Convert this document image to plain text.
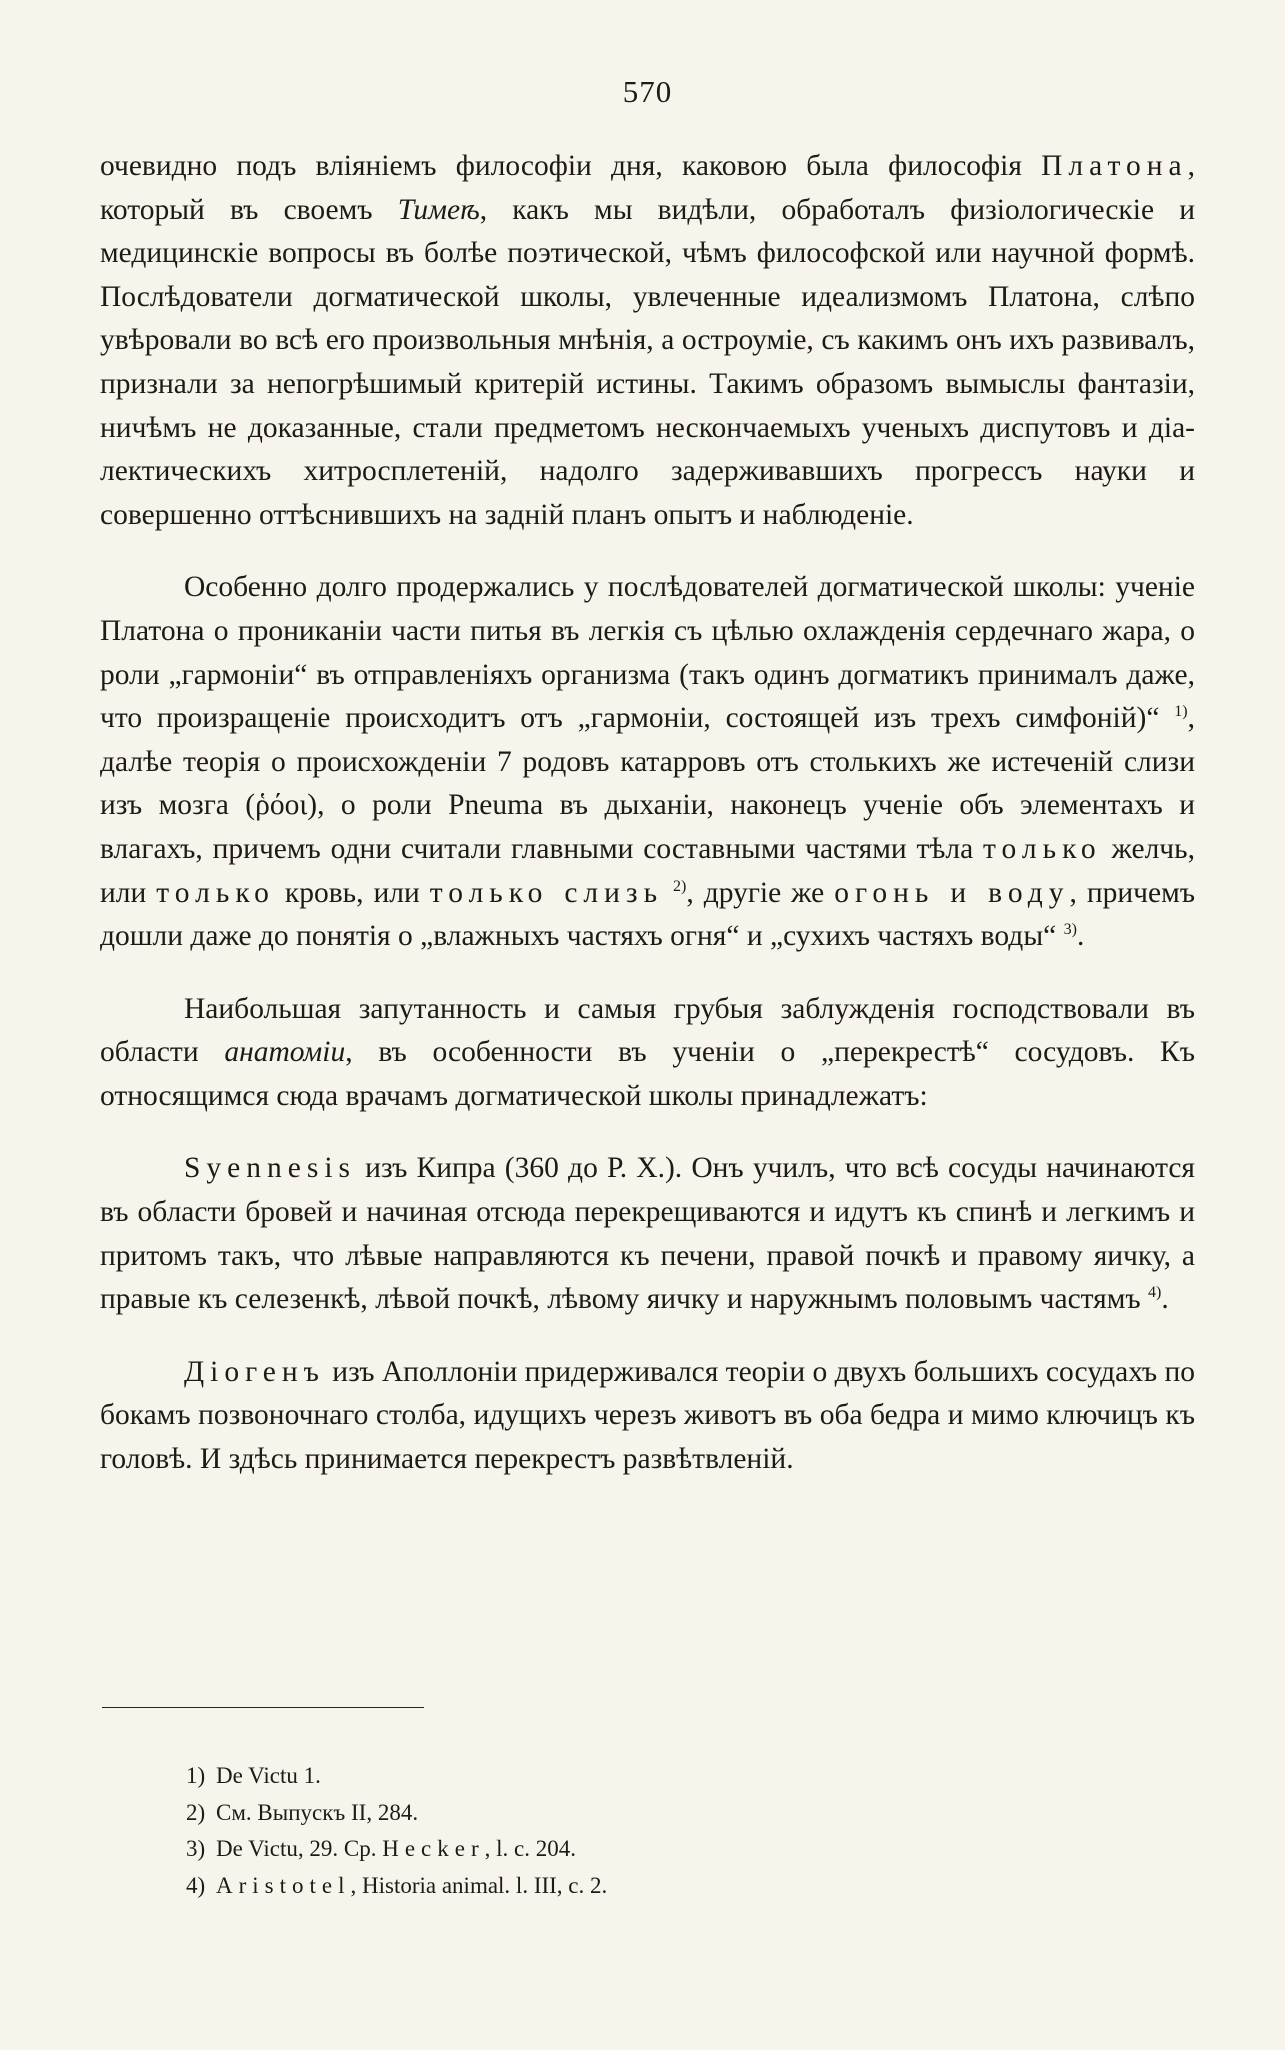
570

очевидно подъ вліяніемъ философіи дня, каковою была философія Платона, который въ своемъ Тимеѣ, какъ мы видѣли, обработалъ физіологическіе и медицинскіе вопросы въ болѣе поэтической, чѣмъ философской или научной формѣ. Послѣдователи догматической школы, увлеченные идеализмомъ Платона, слѣпо увѣровали во всѣ его произвольныя мнѣнія, а остроуміе, съ какимъ онъ ихъ развивалъ, признали за непогрѣшимый критерій истины. Такимъ образомъ вымыслы фантазіи, ничѣмъ не доказанные, стали предметомъ нескончаемыхъ ученыхъ диспутовъ и діалектическихъ хитросплетеній, надолго задерживавшихъ прогрессъ науки и совершенно оттѣснившихъ на задній планъ опытъ и наблюденіе.

Особенно долго продержались у послѣдователей догматической школы: ученіе Платона о проникaніи части питья въ легкія съ цѣлью охлажденія сердечнаго жара, о роли „гармоніи“ въ отправленіяхъ организма (такъ одинъ догматикъ принималъ даже, что произращеніе происходитъ отъ „гармоніи, состоящей изъ трехъ симфоній)“ $^{1)}$, далѣе теорія о происхожденіи 7 родовъ катарровъ отъ столькихъ же истеченій слизи изъ мозга (ῥόοι), о роли Pneuma въ дыханіи, наконецъ ученіе объ элементахъ и влагахъ, причемъ одни считали главными составными частями тѣла только желчь, или только кровь, или только слизь $^{2)}$, другіе же огонь и воду, причемъ дошли даже до понятія о „влажныхъ частяхъ огня“ и „сухихъ частяхъ воды“ $^{3)}$.

Наибольшая запутанность и самыя грубыя заблужденія господствовали въ области анатоміи, въ особенности въ ученіи о „перекрестѣ“ сосудовъ. Къ относящимся сюда врачамъ догматической школы принадлежатъ:

Syennesis изъ Кипра (360 до Р. Х.). Онъ училъ, что всѣ сосуды начинаются въ области бровей и начиная отсюда перекрещиваются и идутъ къ спинѣ и легкимъ и притомъ такъ, что лѣвые направляются къ печени, правой почкѣ и правому яичку, а правые къ селезенкѣ, лѣвой почкѣ, лѣвому яичку и наружнымъ половымъ частямъ $^{4)}$.

Діогенъ изъ Аполлоніи придерживался теоріи о двухъ большихъ сосудахъ по бокамъ позвоночнаго столба, идущихъ черезъ животъ въ оба бедра и мимо ключицъ къ головѣ. И здѣсь принимается перекрестъ развѣтвленій.

1) De Victu 1.
2) См. Выпускъ II, 284.
3) De Victu, 29. Ср. Hecker, l. c. 204.
4) Aristotel, Historia animal. l. III, c. 2.
